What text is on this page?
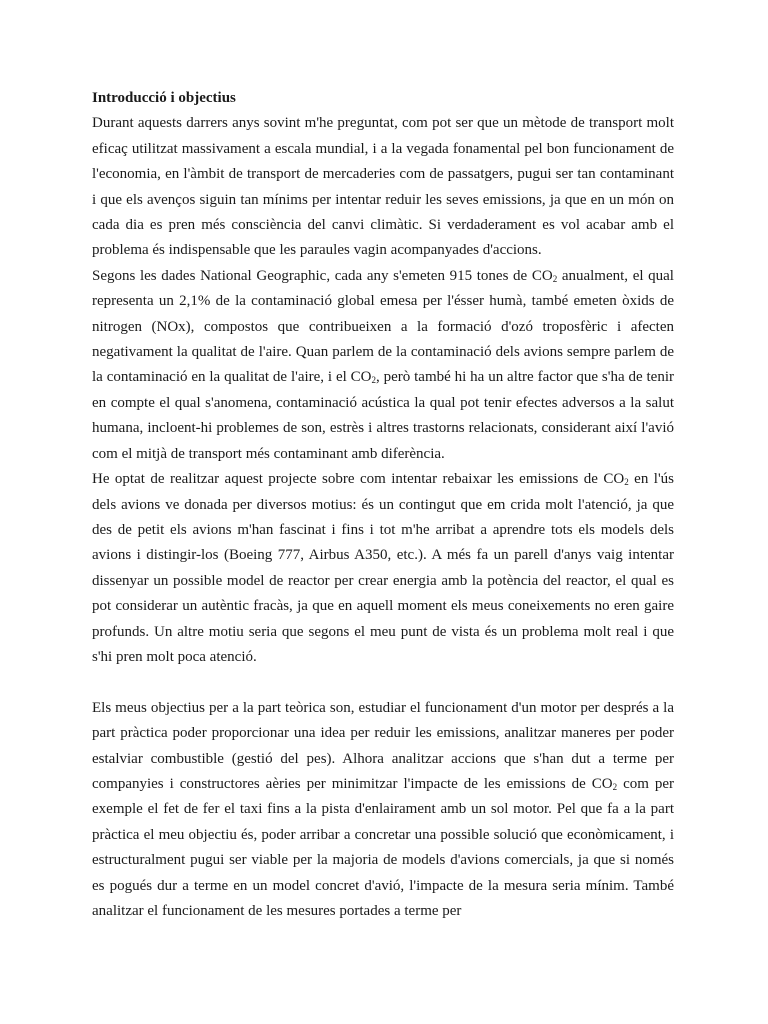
Introducció i objectius

Durant aquests darrers anys sovint m'he preguntat, com pot ser que un mètode de transport molt eficaç utilitzat massivament a escala mundial, i a la vegada fonamental pel bon funcionament de l'economia, en l'àmbit de transport de mercaderies com de passatgers, pugui ser tan contaminant i que els avenços siguin tan mínims per intentar reduir les seves emissions, ja que en un món on cada dia es pren més consciència del canvi climàtic. Si verdaderament es vol acabar amb el problema és indispensable que les paraules vagin acompanyades d'accions.

Segons les dades National Geographic, cada any s'emeten 915 tones de $CO_2$ anualment, el qual representa un 2,1% de la contaminació global emesa per l'ésser humà, també emeten òxids de nitrogen (NOx), compostos que contribueixen a la formació d'ozó troposfèric i afecten negativament la qualitat de l'aire. Quan parlem de la contaminació dels avions sempre parlem de la contaminació en la qualitat de l'aire, i el $CO_2$, però també hi ha un altre factor que s'ha de tenir en compte el qual s'anomena, contaminació acústica la qual pot tenir efectes adversos a la salut humana, incloent-hi problemes de son, estrès i altres trastorns relacionats, considerant així l'avió com el mitjà de transport més contaminant amb diferència.

He optat de realitzar aquest projecte sobre com intentar rebaixar les emissions de $CO_2$ en l'ús dels avions ve donada per diversos motius: és un contingut que em crida molt l'atenció, ja que des de petit els avions m'han fascinat i fins i tot m'he arribat a aprendre tots els models dels avions i distingir-los (Boeing 777, Airbus A350, etc.). A més fa un parell d'anys vaig intentar dissenyar un possible model de reactor per crear energia amb la potència del reactor, el qual es pot considerar un autèntic fracàs, ja que en aquell moment els meus coneixements no eren gaire profunds. Un altre motiu seria que segons el meu punt de vista és un problema molt real i que s'hi pren molt poca atenció.

Els meus objectius per a la part teòrica son, estudiar el funcionament d'un motor per després a la part pràctica poder proporcionar una idea per reduir les emissions, analitzar maneres per poder estalviar combustible (gestió del pes). Alhora analitzar accions que s'han dut a terme per companyies i constructores aèries per minimitzar l'impacte de les emissions de $CO_2$ com per exemple el fet de fer el taxi fins a la pista d'enlairament amb un sol motor. Pel que fa a la part pràctica el meu objectiu és, poder arribar a concretar una possible solució que econòmicament, i estructuralment pugui ser viable per la majoria de models d'avions comercials, ja que si només es pogués dur a terme en un model concret d'avió, l'impacte de la mesura seria mínim. També analitzar el funcionament de les mesures portades a terme per
